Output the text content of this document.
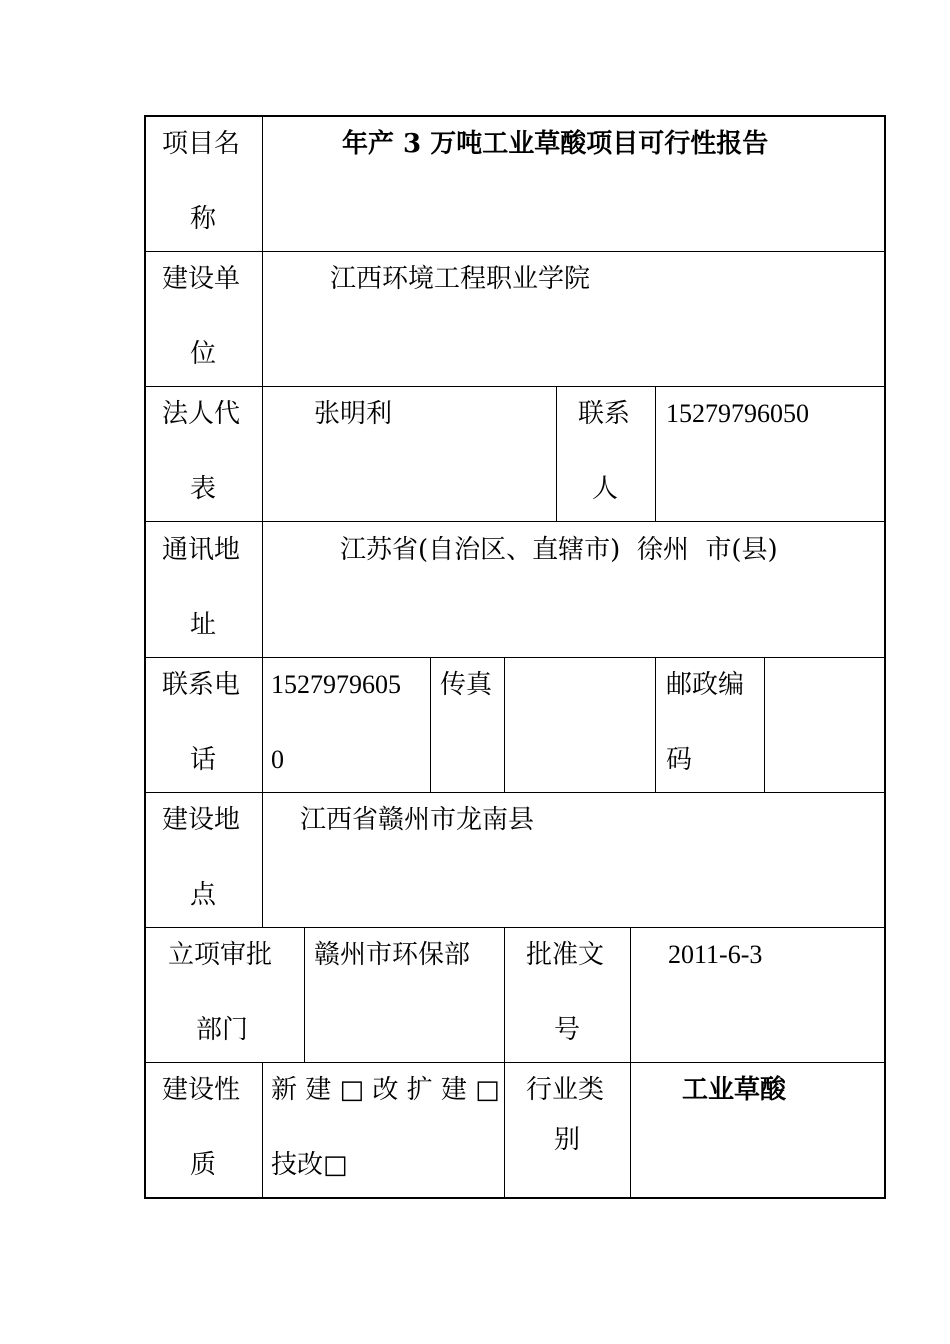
项目名
称
年产 3 万吨工业草酸项目可行性报告
建设单
位
江西环境工程职业学院
法人代
表
张明利	联系
人
15279796050
通讯地
址
江苏省(自治区、直辖市)  徐州  市(县)
联系电
话
1527979605
0
传真	邮政编
码
建设地
点
江西省赣州市龙南县
立项审批
部门
赣州市环保部 批准文
号
2011-6-3
建设性
质
新 建 □ 改 扩 建 □
技改□
行业类
别
工业草酸
